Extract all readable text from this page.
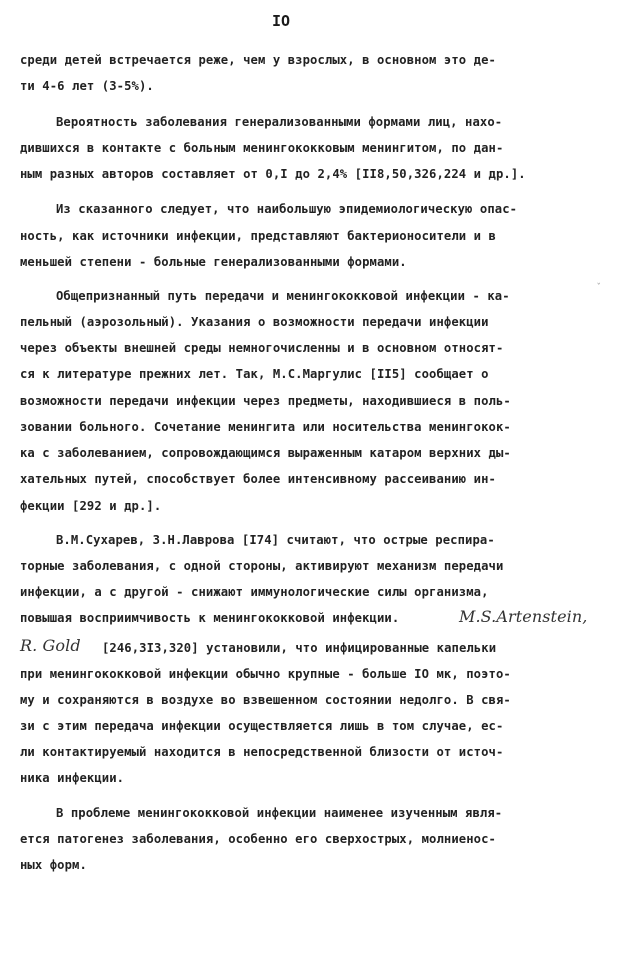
IO
среди детей встречается реже, чем у взрослых, в основном это де-
ти 4-6 лет (3-5%).
Вероятность заболевания генерализованными формами лиц, нахо-
дившихся в контакте с больным менингококковым менингитом, по дан-
ным разных авторов составляет от 0,I до 2,4% [II8,50,326,224 и др.].
Из сказанного следует, что наибольшую эпидемиологическую опас-
ность, как источники инфекции, представляют бактерионосители и в
меньшей степени - больные генерализованными формами.
Общепризнанный путь передачи и менингококковой инфекции - ка-
пельный (аэрозольный). Указания о возможности передачи инфекции
через объекты внешней среды немногочисленны и в основном относят-
ся к литературе прежних лет. Так, М.С.Маргулис [II5] сообщает о
возможности передачи инфекции через предметы, находившиеся в поль-
зовании больного. Сочетание менингита или носительства менингокок-
ка с заболеванием, сопровождающимся выраженным катаром верхних ды-
хательных путей, способствует более интенсивному рассеиванию ин-
фекции [292 и др.].
В.М.Сухарев, З.Н.Лаврова [I74] считают, что острые респира-
торные заболевания, с одной стороны, активируют механизм передачи
инфекции, а с другой - снижают иммунологические силы организма,
повышая восприимчивость к менингококковой инфекции.	M.S.Artenstein,
R. Gold [246,3I3,320] установили, что инфицированные капельки
при менингококковой инфекции обычно крупные - больше IO мк, поэто-
му и сохраняются в воздухе во взвешенном состоянии недолго. В свя-
зи с этим передача инфекции осуществляется лишь в том случае, ес-
ли контактируемый находится в непосредственной близости от источ-
ника инфекции.
В проблеме менингококковой инфекции наименее изученным явля-
ется патогенез заболевания, особенно его сверхострых, молниенос-
ных форм.
ˇ
